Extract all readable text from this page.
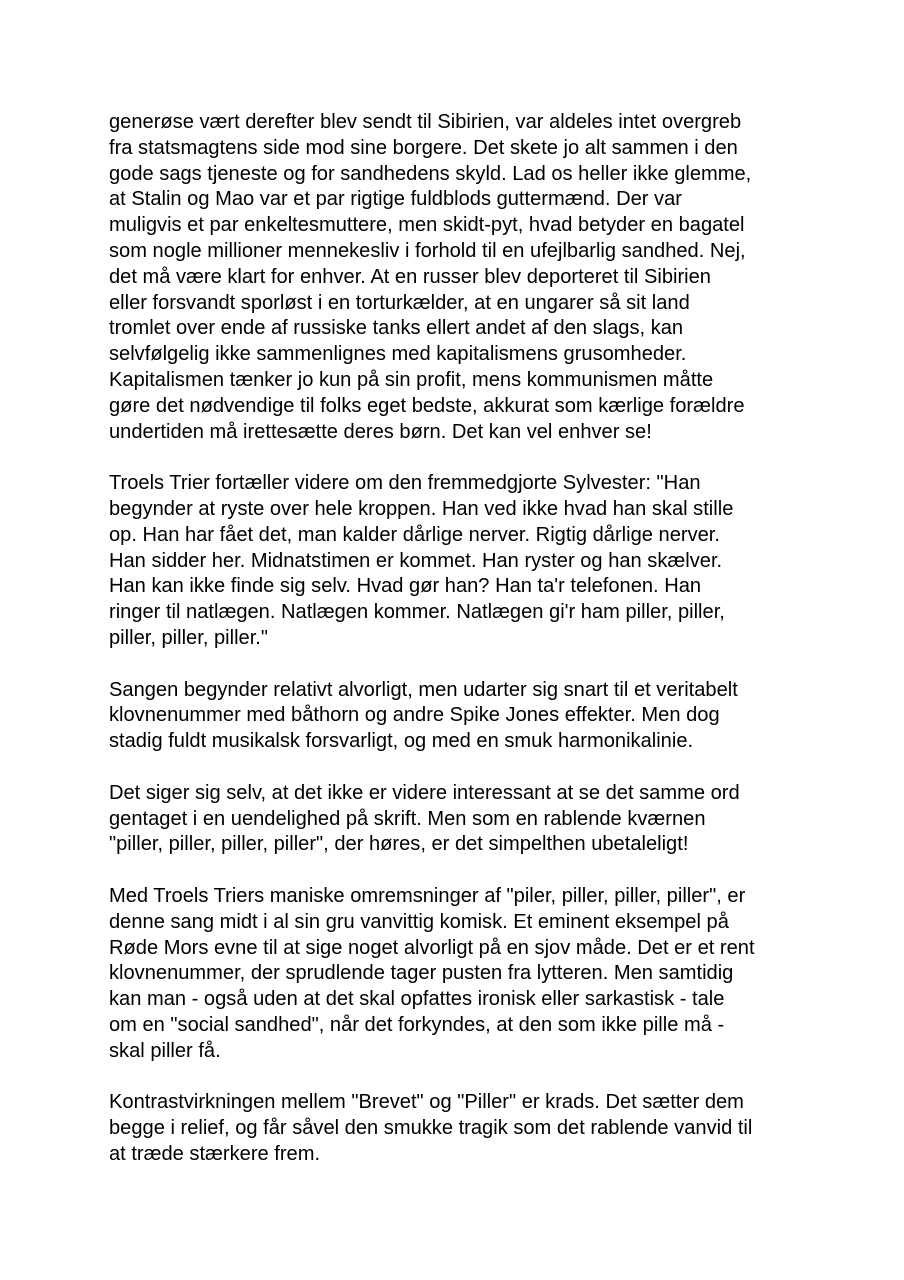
generøse vært derefter blev sendt til Sibirien, var aldeles intet overgreb
fra statsmagtens side mod sine borgere. Det skete jo alt sammen i den
gode sags tjeneste og for sandhedens skyld. Lad os heller ikke glemme,
at Stalin og Mao var et par rigtige fuldblods guttermænd. Der var
muligvis et par enkeltesmuttere, men skidt-pyt, hvad betyder en bagatel
som nogle millioner mennekesliv i forhold til en ufejlbarlig sandhed. Nej,
det må være klart for enhver. At en russer blev deporteret til Sibirien
eller forsvandt sporløst i en torturkælder, at en ungarer så sit land
tromlet over ende af russiske tanks ellert andet af den slags, kan
selvfølgelig ikke sammenlignes med kapitalismens grusomheder.
Kapitalismen tænker jo kun på sin profit, mens kommunismen måtte
gøre det nødvendige til folks eget bedste, akkurat som kærlige forældre
undertiden må irettesætte deres børn. Det kan vel enhver se!

Troels Trier fortæller videre om den fremmedgjorte Sylvester: "Han
begynder at ryste over hele kroppen. Han ved ikke hvad han skal stille
op. Han har fået det, man kalder dårlige nerver. Rigtig dårlige nerver.
Han sidder her. Midnatstimen er kommet. Han ryster og han skælver.
Han kan ikke finde sig selv. Hvad gør han? Han ta'r telefonen. Han
ringer til natlægen. Natlægen kommer. Natlægen gi'r ham piller, piller,
piller, piller, piller."

Sangen begynder relativt alvorligt, men udarter sig snart til et veritabelt
klovnenummer med båthorn og andre Spike Jones effekter. Men dog
stadig fuldt musikalsk forsvarligt, og med en smuk harmonikalinie.

Det siger sig selv, at det ikke er videre interessant at se det samme ord
gentaget i en uendelighed på skrift. Men som en rablende kværnen
"piller, piller, piller, piller", der høres, er det simpelthen ubetaleligt!

Med Troels Triers maniske omremsninger af "piler, piller, piller, piller", er
denne sang midt i al sin gru vanvittig komisk. Et eminent eksempel på
Røde Mors evne til at sige noget alvorligt på en sjov måde. Det er et rent
klovnenummer, der sprudlende tager pusten fra lytteren. Men samtidig
kan man - også uden at det skal opfattes ironisk eller sarkastisk - tale
om en "social sandhed", når det forkyndes, at den som ikke pille må -
skal piller få.

Kontrastvirkningen mellem "Brevet" og "Piller" er krads. Det sætter dem
begge i relief, og får såvel den smukke tragik som det rablende vanvid til
at træde stærkere frem.
